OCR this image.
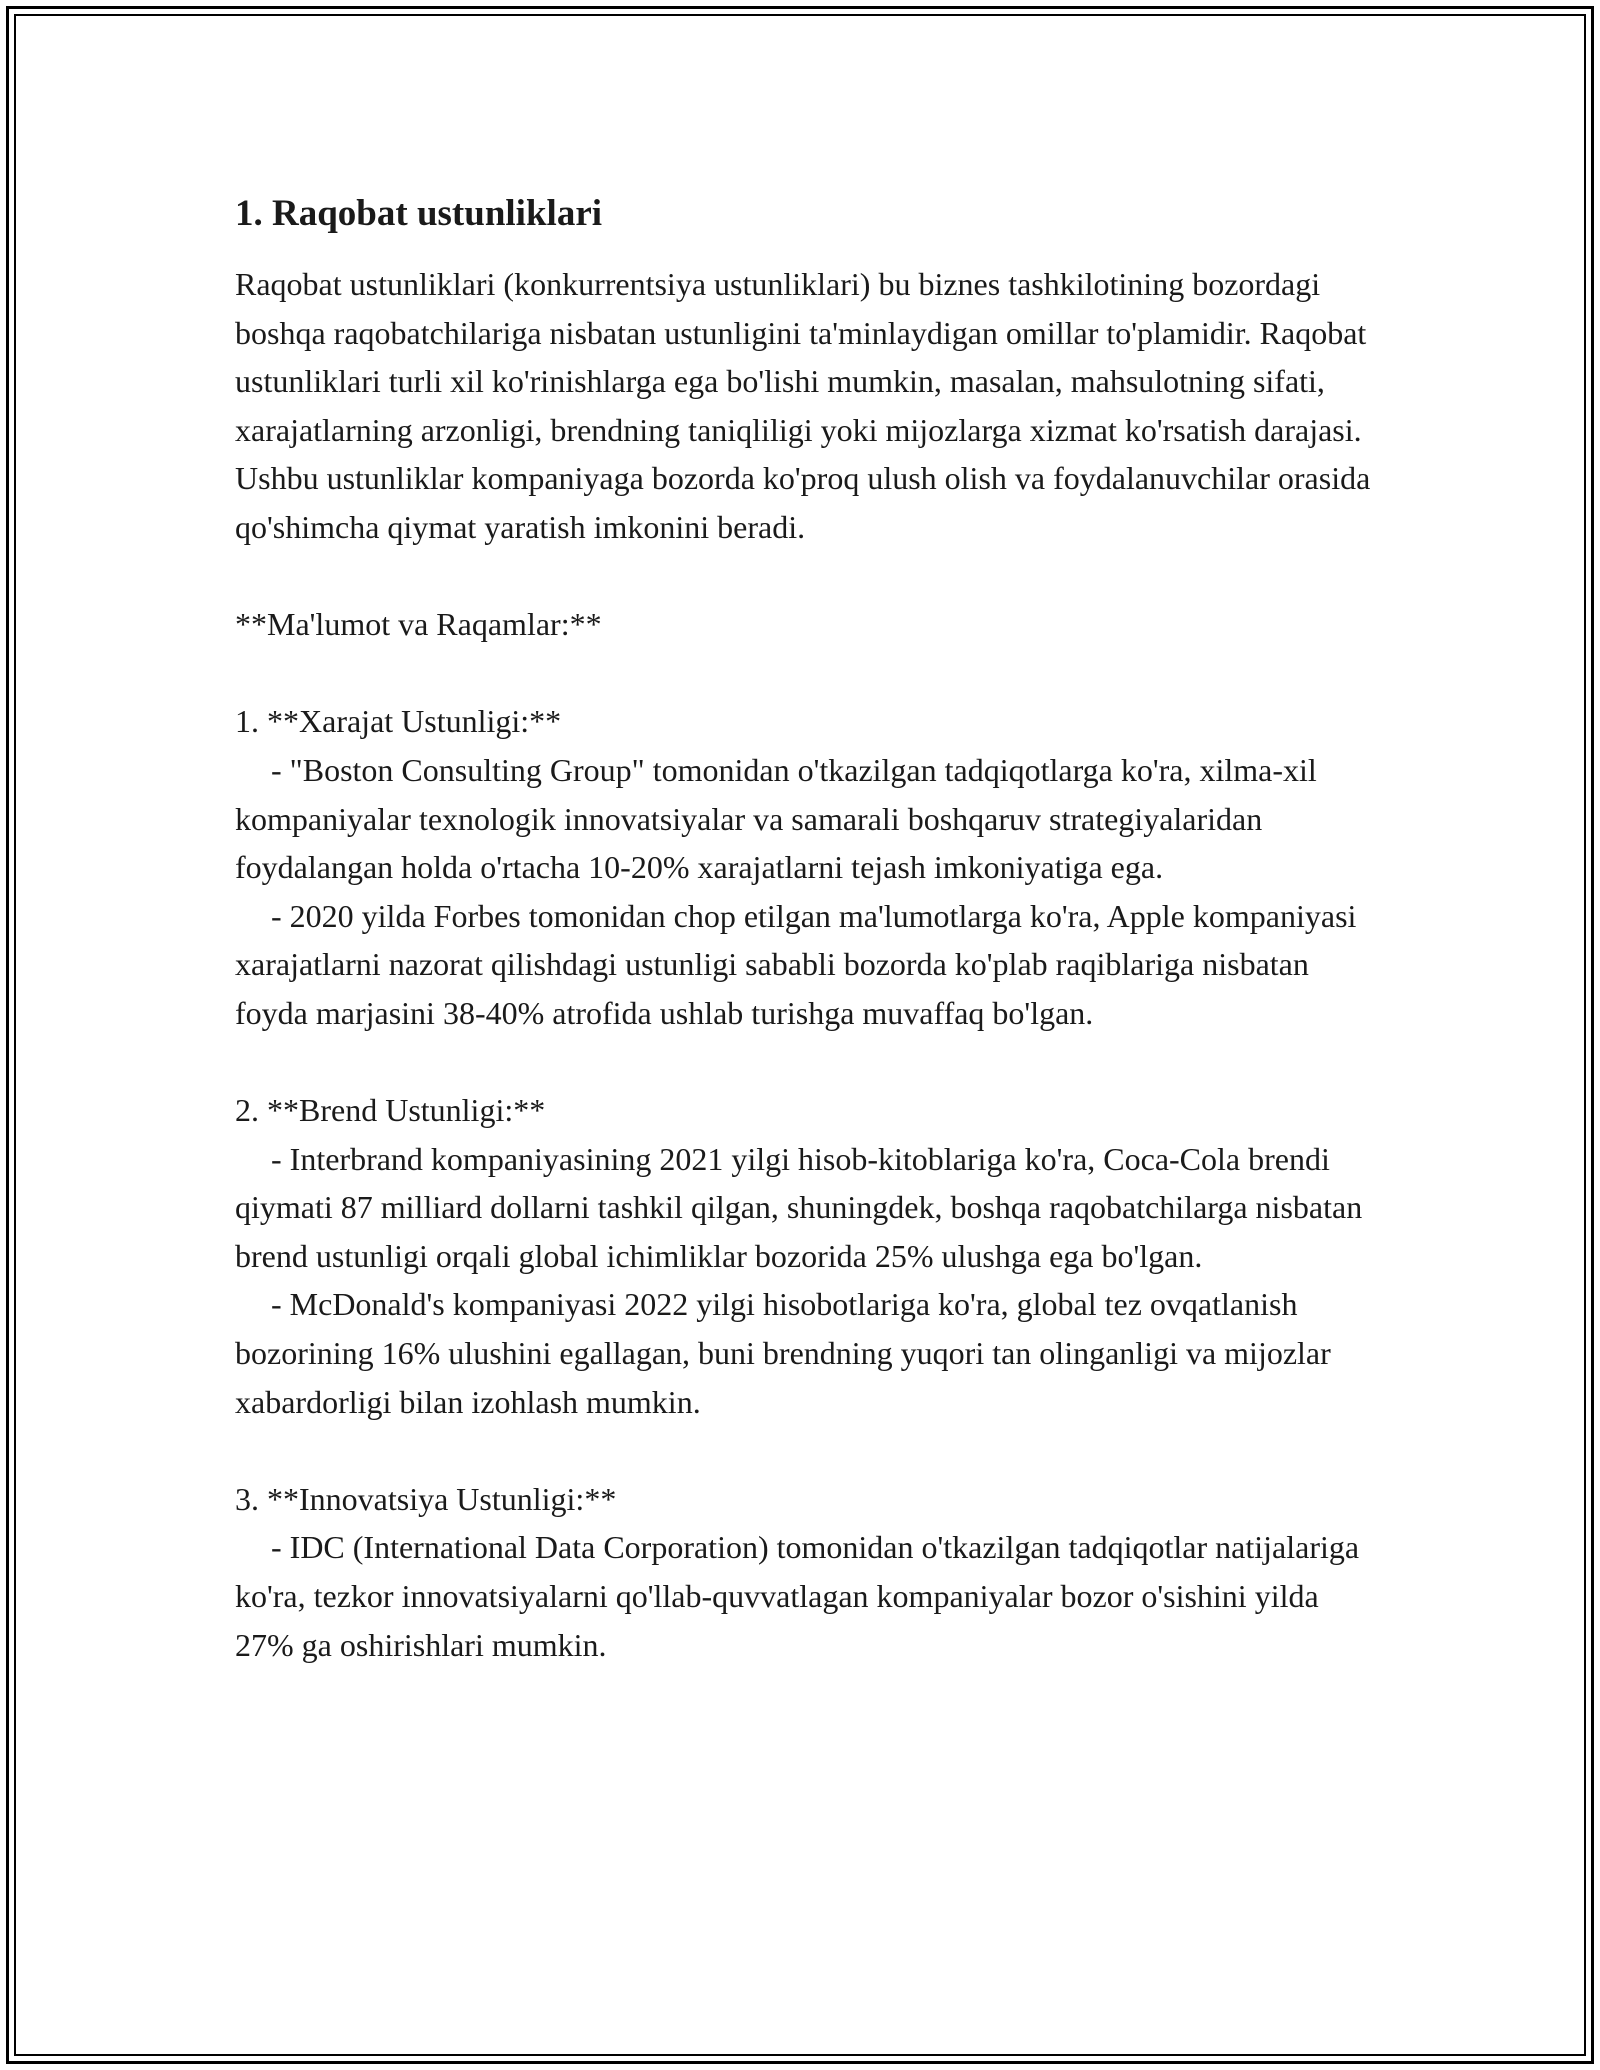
1. Raqobat ustunliklari

Raqobat ustunliklari (konkurrentsiya ustunliklari) bu biznes tashkilotining bozordagi boshqa raqobatchilariga nisbatan ustunligini ta'minlaydigan omillar to'plamidir. Raqobat ustunliklari turli xil ko'rinishlarga ega bo'lishi mumkin, masalan, mahsulotning sifati, xarajatlarning arzonligi, brendning taniqliligi yoki mijozlarga xizmat ko'rsatish darajasi. Ushbu ustunliklar kompaniyaga bozorda ko'proq ulush olish va foydalanuvchilar orasida qo'shimcha qiymat yaratish imkonini beradi.

**Ma'lumot va Raqamlar:**

1. **Xarajat Ustunligi:**

- "Boston Consulting Group" tomonidan o'tkazilgan tadqiqotlarga ko'ra, xilma-xil kompaniyalar texnologik innovatsiyalar va samarali boshqaruv strategiyalaridan foydalangan holda o'rtacha 10-20% xarajatlarni tejash imkoniyatiga ega.

- 2020 yilda Forbes tomonidan chop etilgan ma'lumotlarga ko'ra, Apple kompaniyasi xarajatlarni nazorat qilishdagi ustunligi sababli bozorda ko'plab raqiblariga nisbatan foyda marjasini 38-40% atrofida ushlab turishga muvaffaq bo'lgan.

2. **Brend Ustunligi:**

- Interbrand kompaniyasining 2021 yilgi hisob-kitoblariga ko'ra, Coca-Cola brendi qiymati 87 milliard dollarni tashkil qilgan, shuningdek, boshqa raqobatchilarga nisbatan brend ustunligi orqali global ichimliklar bozorida 25% ulushga ega bo'lgan.

- McDonald's kompaniyasi 2022 yilgi hisobotlariga ko'ra, global tez ovqatlanish bozorining 16% ulushini egallagan, buni brendning yuqori tan olinganligi va mijozlar xabardorligi bilan izohlash mumkin.

3. **Innovatsiya Ustunligi:**

- IDC (International Data Corporation) tomonidan o'tkazilgan tadqiqotlar natijalariga ko'ra, tezkor innovatsiyalarni qo'llab-quvvatlagan kompaniyalar bozor o'sishini yilda 27% ga oshirishlari mumkin.
